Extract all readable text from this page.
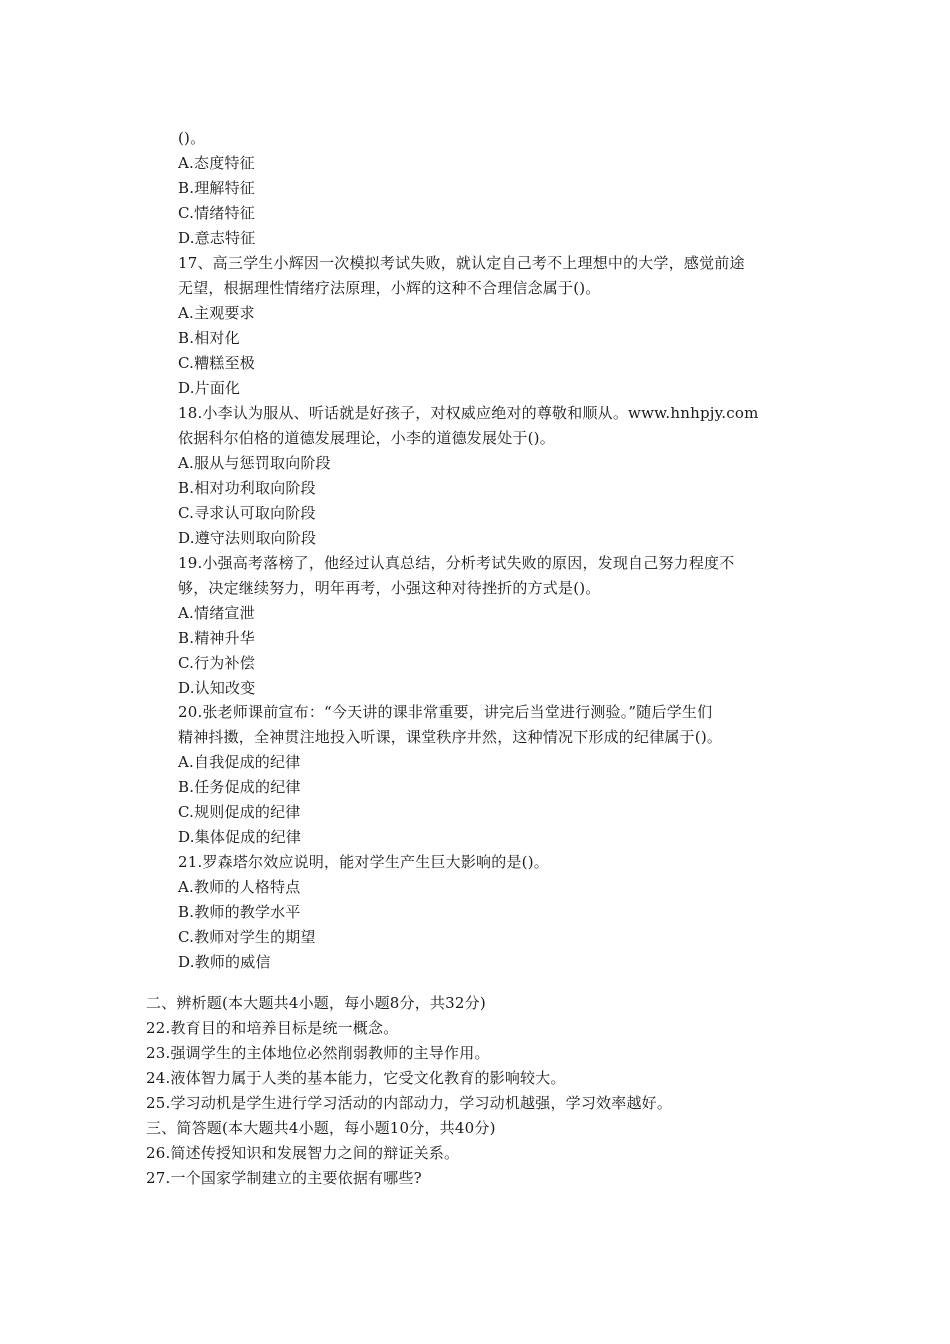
()。
A.态度特征
B.理解特征
C.情绪特征
D.意志特征
17、高三学生小辉因一次模拟考试失败，就认定自己考不上理想中的大学，感觉前途
无望，根据理性情绪疗法原理，小辉的这种不合理信念属于()。
A.主观要求
B.相对化
C.糟糕至极
D.片面化
18.小李认为服从、听话就是好孩子，对权威应绝对的尊敬和顺从。www.hnhpjy.com
依据科尔伯格的道德发展理论，小李的道德发展处于()。
A.服从与惩罚取向阶段
B.相对功利取向阶段
C.寻求认可取向阶段
D.遵守法则取向阶段
19.小强高考落榜了，他经过认真总结，分析考试失败的原因，发现自己努力程度不
够，决定继续努力，明年再考，小强这种对待挫折的方式是()。
A.情绪宣泄
B.精神升华
C.行为补偿
D.认知改变
20.张老师课前宣布：“今天讲的课非常重要，讲完后当堂进行测验。”随后学生们
精神抖擞，全神贯注地投入听课，课堂秩序井然，这种情况下形成的纪律属于()。
A.自我促成的纪律
B.任务促成的纪律
C.规则促成的纪律
D.集体促成的纪律
21.罗森塔尔效应说明，能对学生产生巨大影响的是()。
A.教师的人格特点
B.教师的教学水平
C.教师对学生的期望
D.教师的威信
二、辨析题(本大题共4小题，每小题8分，共32分)
22.教育目的和培养目标是统一概念。
23.强调学生的主体地位必然削弱教师的主导作用。
24.液体智力属于人类的基本能力，它受文化教育的影响较大。
25.学习动机是学生进行学习活动的内部动力，学习动机越强，学习效率越好。
三、简答题(本大题共4小题，每小题10分，共40分)
26.简述传授知识和发展智力之间的辩证关系。
27.一个国家学制建立的主要依据有哪些?
